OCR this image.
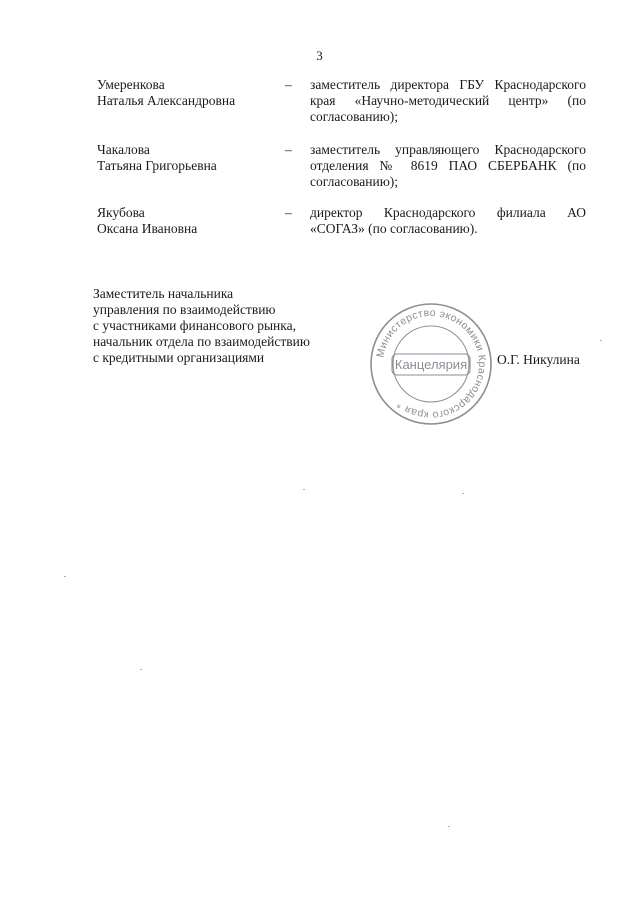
3
Умеренкова
Наталья Александровна
– заместитель директора ГБУ Краснодарского края «Научно-методический центр» (по согласованию);
Чакалова
Татьяна Григорьевна
– заместитель управляющего Краснодарского отделения № 8619 ПАО СБЕРБАНК (по согласованию);
Якубова
Оксана Ивановна
– директор Краснодарского филиала АО «СОГАЗ» (по согласованию).
Заместитель начальника
управления по взаимодействию
с участниками финансового рынка,
начальник отдела по взаимодействию
с кредитными организациями	Министерство экономики Краснодарского края *
Канцелярия О.Г. Никулина
